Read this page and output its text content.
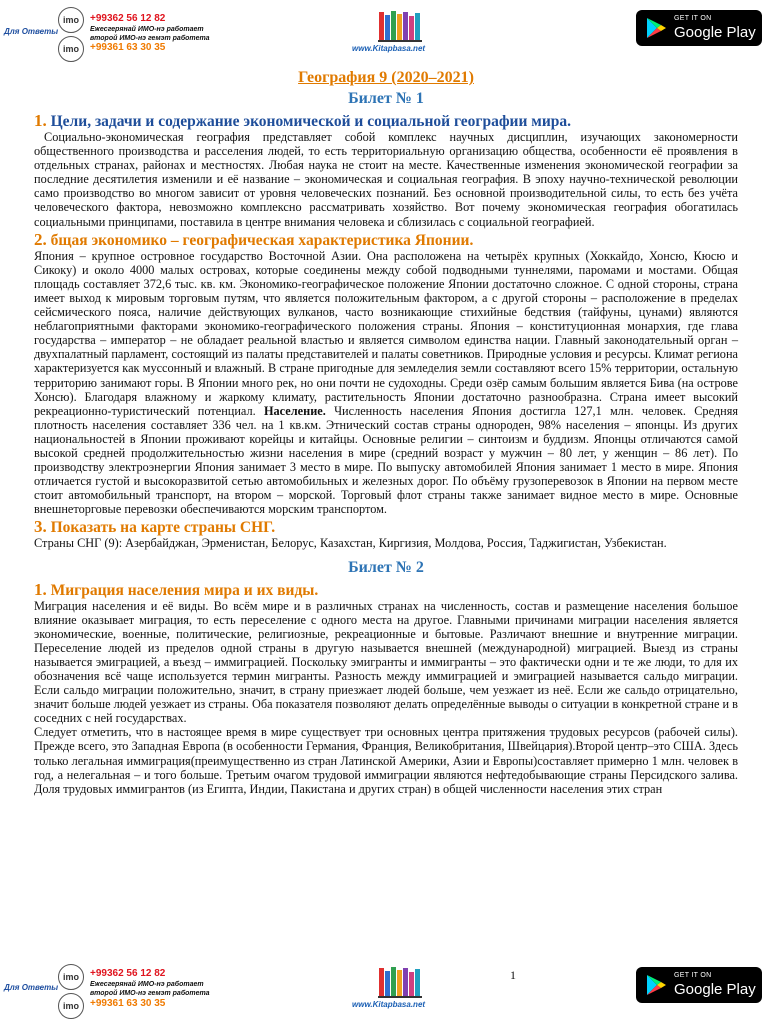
Для Ответы
imo
imo
+99362 56 12 82
Ежесгерянай ИМО-нэ работает второй ИМО-нэ гемэт работета
+99361 63 30 35	www.Kitapbasa.net
GET IT ON
Google Play
География 9 (2020–2021)
Билет № 1
1. Цели, задачи и содержание экономической и социальной географии мира.

Социально-экономическая география представляет собой комплекс научных дисциплин, изучающих закономерности общественного производства и расселения людей, то есть территориальную организацию общества, особенности её проявления в отдельных странах, районах и местностях. Любая наука не стоит на месте. Качественные изменения экономической географии за последние десятилетия изменили и её название – экономическая и социальная география. В эпоху научно-технической революции само производство во многом зависит от уровня человеческих познаний. Без основной производительной силы, то есть без учёта человеческого фактора, невозможно комплексно рассматривать хозяйство. Вот почему экономическая география обогатилась социальными принципами, поставила в центре внимания человека и сблизилась с социальной географией.

2. бщая экономико – географическая характеристика Японии.

Япония – крупное островное государство Восточной Азии. Она расположена на четырёх крупных (Хоккайдо, Хонсю, Кюсю и Сикоку) и около 4000 малых островах, которые соединены между собой подводными туннелями, паромами и мостами. Общая площадь составляет 372,6 тыс. кв. км. Экономико-географическое положение Японии достаточно сложное. С одной стороны, страна имеет выход к мировым торговым путям, что является положительным фактором, а с другой стороны – расположение в пределах сейсмического пояса, наличие действующих вулканов, часто возникающие стихийные бедствия (тайфуны, цунами) являются неблагоприятными факторами экономико-географического положения страны. Япония – конституционная монархия, где глава государства – император – не обладает реальной властью и является символом единства нации. Главный законодательный орган – двухпалатный парламент, состоящий из палаты представителей и палаты советников. Природные условия и ресурсы. Климат региона характеризуется как муссонный и влажный. В стране пригодные для земледелия земли составляют всего 15% территории, остальную территорию занимают горы. В Японии много рек, но они почти не судоходны. Среди озёр самым большим является Бива (на острове Хонсю). Благодаря влажному и жаркому климату, растительность Японии достаточно разнообразна. Страна имеет высокий рекреационно-туристический потенциал. Население. Численность населения Япония достигла 127,1 млн. человек. Средняя плотность населения составляет 336 чел. на 1 кв.км. Этнический состав страны однороден, 98% населения – японцы. Из других национальностей в Японии проживают корейцы и китайцы. Основные религии – синтоизм и буддизм. Японцы отличаются самой высокой средней продолжительностью жизни населения в мире (средний возраст у мужчин – 80 лет, у женщин – 86 лет). По производству электроэнергии Япония занимает 3 место в мире. По выпуску автомобилей Япония занимает 1 место в мире. Япония отличается густой и высокоразвитой сетью автомобильных и железных дорог. По объёму грузоперевозок в Японии на первом месте стоит автомобильный транспорт, на втором – морской. Торговый флот страны также занимает видное место в мире. Основные внешнеторговые перевозки обеспечиваются морским транспортом.

3. Показать на карте страны СНГ.

Страны СНГ (9): Азербайджан, Эрменистан, Белорус, Казахстан, Киргизия, Молдова, Россия, Таджигистан, Узбекистан.

Билет № 2
1. Миграция населения мира и их виды.

Миграция населения и её виды. Во всём мире и в различных странах на численность, состав и размещение населения большое влияние оказывает миграция, то есть переселение с одного места на другое. Главными причинами миграции населения является экономические, военные, политические, религиозные, рекреационные и бытовые. Различают внешние и внутренние миграции. Переселение людей из пределов одной страны в другую называется внешней (международной) миграцией. Выезд из страны называется эмиграцией, а въезд – иммиграцией. Поскольку эмигранты и иммигранты – это фактически одни и те же люди, то для их обозначения всё чаще используется термин мигранты. Разность между иммиграцией и эмиграцией называется сальдо миграции. Если сальдо миграции положительно, значит, в страну приезжает людей больше, чем уезжает из неё. Если же сальдо отрицательно, значит больше людей уезжает из страны. Оба показателя позволяют делать определённые выводы о ситуации в конкретной стране и в соседних с ней государствах.

Следует отметить, что в настоящее время в мире существует три основных центра притяжения трудовых ресурсов (рабочей силы). Прежде всего, это Западная Европа (в особенности Германия, Франция, Великобритания, Швейцария).Второй центр–это США. Здесь только легальная иммиграция(преимущественно из стран Латинской Америки, Азии и Европы)составляет примерно 1 млн. человек в год, а нелегальная – и того больше. Третьим очагом трудовой иммиграции являются нефтедобывающие страны Персидского залива. Доля трудовых иммигрантов (из Египта, Индии, Пакистана и других стран) в общей численности населения этих стран

1
Для Ответы
imo
imo
+99362 56 12 82
Ежесгерянай ИМО-нэ работает второй ИМО-нэ гемэт работета
+99361 63 30 35	www.Kitapbasa.net
GET IT ON
Google Play
